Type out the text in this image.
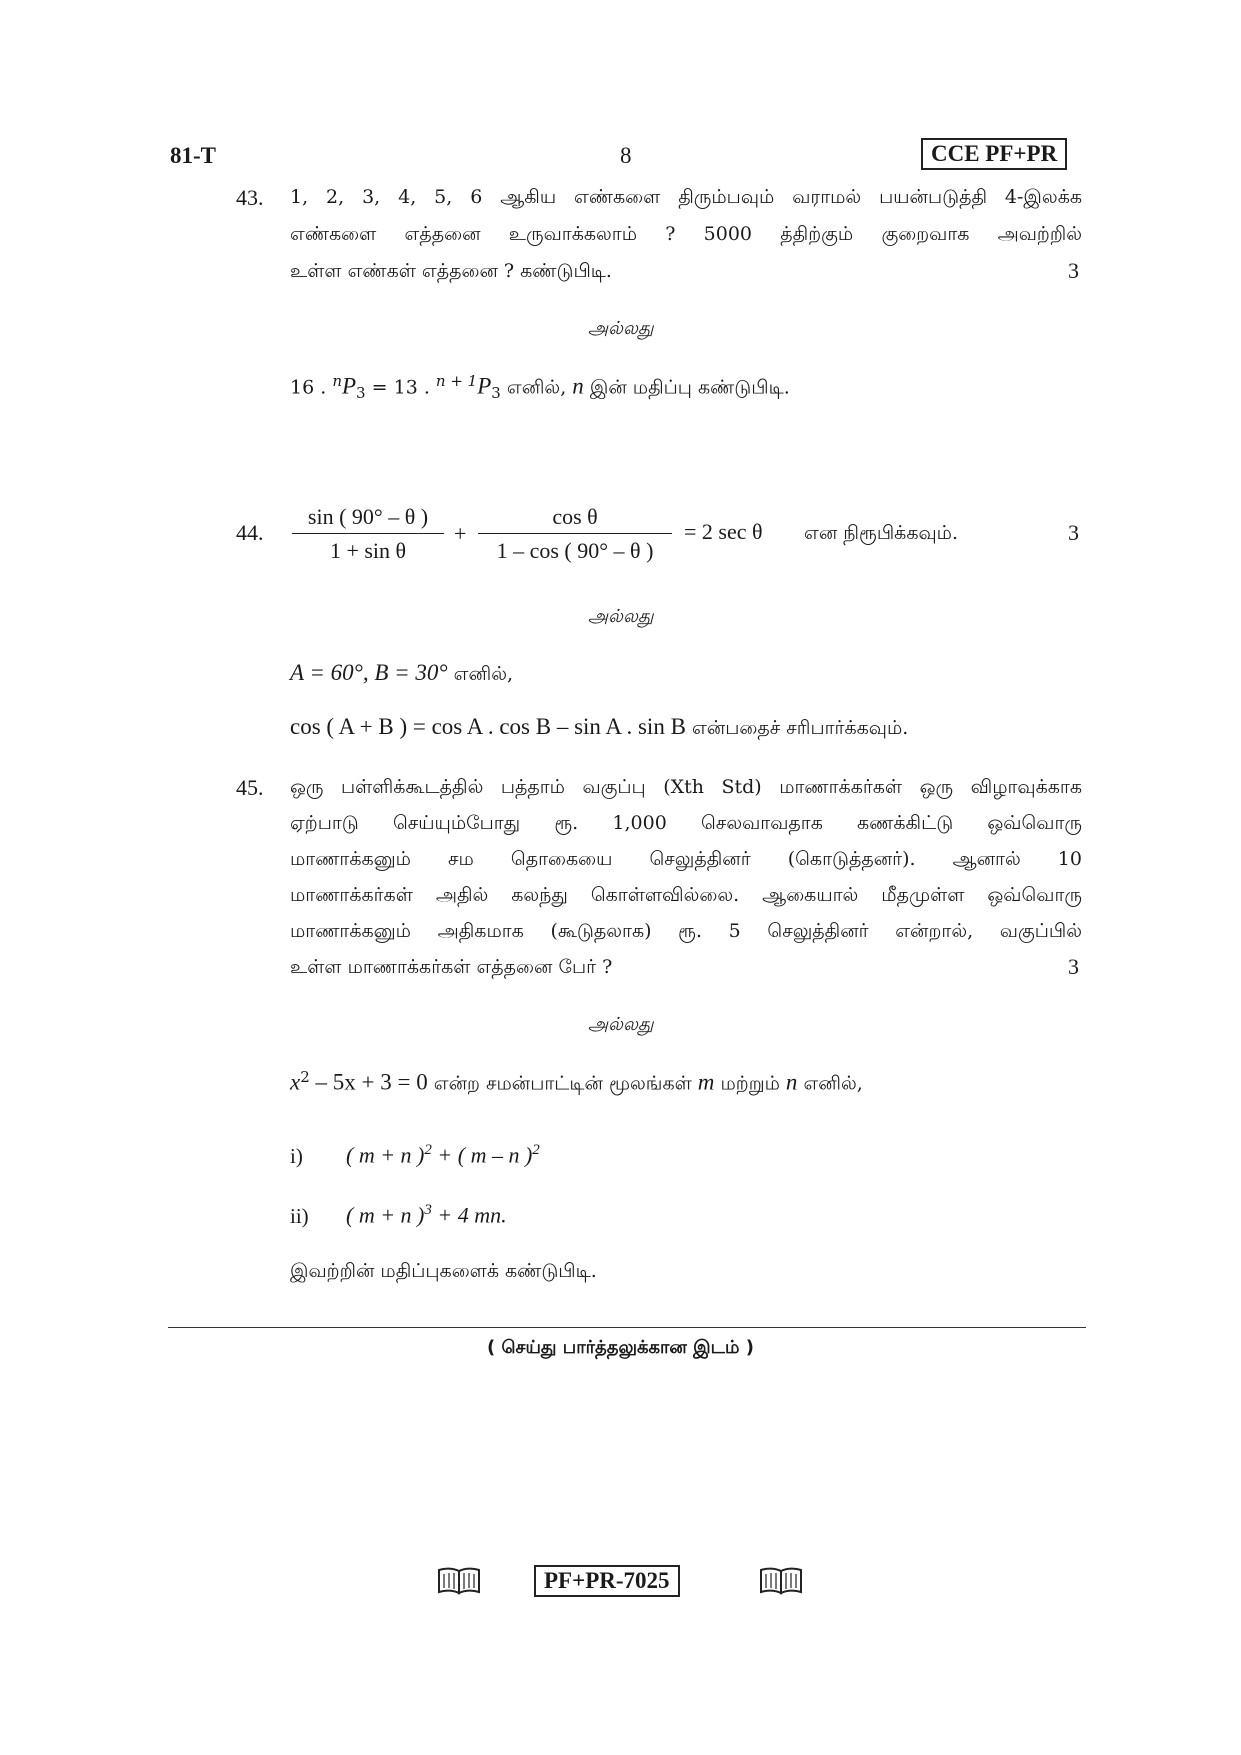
81-T	8	CCE PF+PR
43. 1, 2, 3, 4, 5, 6 ஆகிய எண்களை திரும்பவும் வராமல் பயன்படுத்தி 4-இலக்க
எண்களை எத்தனை உருவாக்கலாம் ? 5000 த்திற்கும் குறைவாக அவற்றில்
உள்ள எண்கள் எத்தனை ? கண்டுபிடி.	3
அல்லது
16 . $^nP_3 = 13$ . $^{n + 1}P_3$ எனில், n இன் மதிப்பு கண்டுபிடி.
44.
sin ( 90° – θ )
1 + sin θ
+
cos θ
1 – cos ( 90° – θ )
= 2 sec θ என நிரூபிக்கவும்.	3
அல்லது
A = 60°, B = 30° எனில்,
cos ( A + B ) = cos A . cos B – sin A . sin B என்பதைச் சரிபார்க்கவும்.
45. ஒரு பள்ளிக்கூடத்தில் பத்தாம் வகுப்பு (Xth Std) மாணாக்கர்கள் ஒரு விழாவுக்காக
ஏற்பாடு செய்யும்போது ரூ. 1,000 செலவாவதாக கணக்கிட்டு ஒவ்வொரு
மாணாக்கனும் சம தொகையை செலுத்தினர் (கொடுத்தனர்). ஆனால் 10
மாணாக்கர்கள் அதில் கலந்து கொள்ளவில்லை. ஆகையால் மீதமுள்ள ஒவ்வொரு
மாணாக்கனும் அதிகமாக (கூடுதலாக) ரூ. 5 செலுத்தினர் என்றால், வகுப்பில்
உள்ள மாணாக்கர்கள் எத்தனை பேர் ?	3
அல்லது
$x^2 - 5x + 3 = 0$ என்ற சமன்பாட்டின் மூலங்கள் m மற்றும் n எனில்,
i) ( m + n )$^2$ + ( m – n )$^2$
ii) ( m + n )$^3$ + 4 mn.
இவற்றின் மதிப்புகளைக் கண்டுபிடி.
( செய்து பார்த்தலுக்கான இடம் )
PF+PR-7025
